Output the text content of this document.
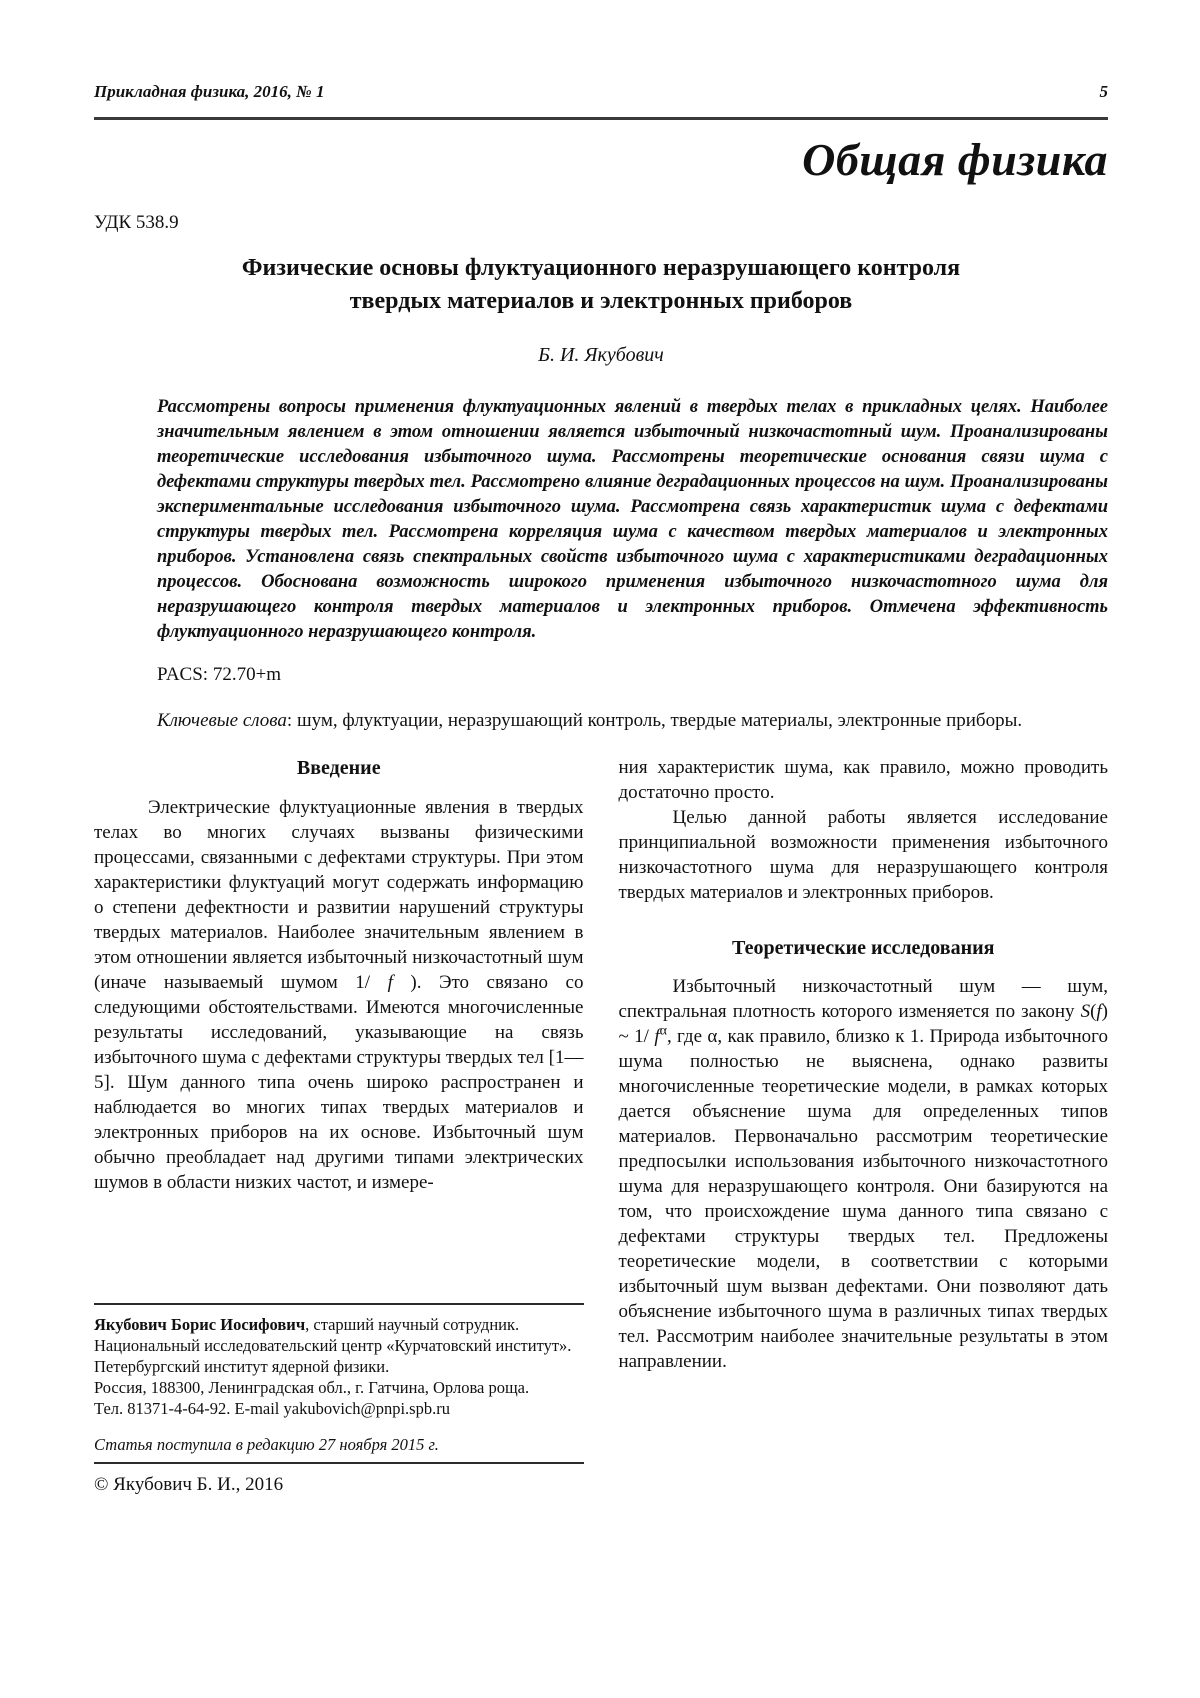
Прикладная физика, 2016, № 1	5
Общая физика
УДК 538.9
Физические основы флуктуационного неразрушающего контроля
твердых материалов и электронных приборов
Б. И. Якубович
Рассмотрены вопросы применения флуктуационных явлений в твердых телах в прикладных целях. Наиболее значительным явлением в этом отношении является избыточный низкочастотный шум. Проанализированы теоретические исследования избыточного шума. Рассмотрены теоретические основания связи шума с дефектами структуры твердых тел. Рассмотрено влияние деградационных процессов на шум. Проанализированы экспериментальные исследования избыточного шума. Рассмотрена связь характеристик шума с дефектами структуры твердых тел. Рассмотрена корреляция шума с качеством твердых материалов и электронных приборов. Установлена связь спектральных свойств избыточного шума с характеристиками деградационных процессов. Обоснована возможность широкого применения избыточного низкочастотного шума для неразрушающего контроля твердых материалов и электронных приборов. Отмечена эффективность флуктуационного неразрушающего контроля.
PACS: 72.70+m
Ключевые слова: шум, флуктуации, неразрушающий контроль, твердые материалы, электронные приборы.
Введение

Электрические флуктуационные явления в твердых телах во многих случаях вызваны физическими процессами, связанными с дефектами структуры. При этом характеристики флуктуаций могут содержать информацию о степени дефектности и развитии нарушений структуры твердых материалов. Наиболее значительным явлением в этом отношении является избыточный низкочастотный шум (иначе называемый шумом 1/ f ). Это связано со следующими обстоятельствами. Имеются многочисленные результаты исследований, указывающие на связь избыточного шума с дефектами структуры твердых тел [1—5]. Шум данного типа очень широко распространен и наблюдается во многих типах твердых материалов и электронных приборов на их основе. Избыточный шум обычно преобладает над другими типами электрических шумов в области низких частот, и измере-

Якубович Борис Иосифович, старший научный сотрудник.
Национальный исследовательский центр «Курчатовский институт».
Петербургский институт ядерной физики.
Россия, 188300, Ленинградская обл., г. Гатчина, Орлова роща.
Тел. 81371-4-64-92. E-mail yakubovich@pnpi.spb.ru
Статья поступила в редакцию 27 ноября 2015 г.
© Якубович Б. И., 2016

ния характеристик шума, как правило, можно проводить достаточно просто.

Целью данной работы является исследование принципиальной возможности применения избыточного низкочастотного шума для неразрушающего контроля твердых материалов и электронных приборов.

Теоретические исследования

Избыточный низкочастотный шум — шум, спектральная плотность которого изменяется по закону S(f) ~ 1/ $f^\alpha$, где α, как правило, близко к 1. Природа избыточного шума полностью не выяснена, однако развиты многочисленные теоретические модели, в рамках которых дается объяснение шума для определенных типов материалов. Первоначально рассмотрим теоретические предпосылки использования избыточного низкочастотного шума для неразрушающего контроля. Они базируются на том, что происхождение шума данного типа связано с дефектами структуры твердых тел. Предложены теоретические модели, в соответствии с которыми избыточный шум вызван дефектами. Они позволяют дать объяснение избыточного шума в различных типах твердых тел. Рассмотрим наиболее значительные результаты в этом направлении.
